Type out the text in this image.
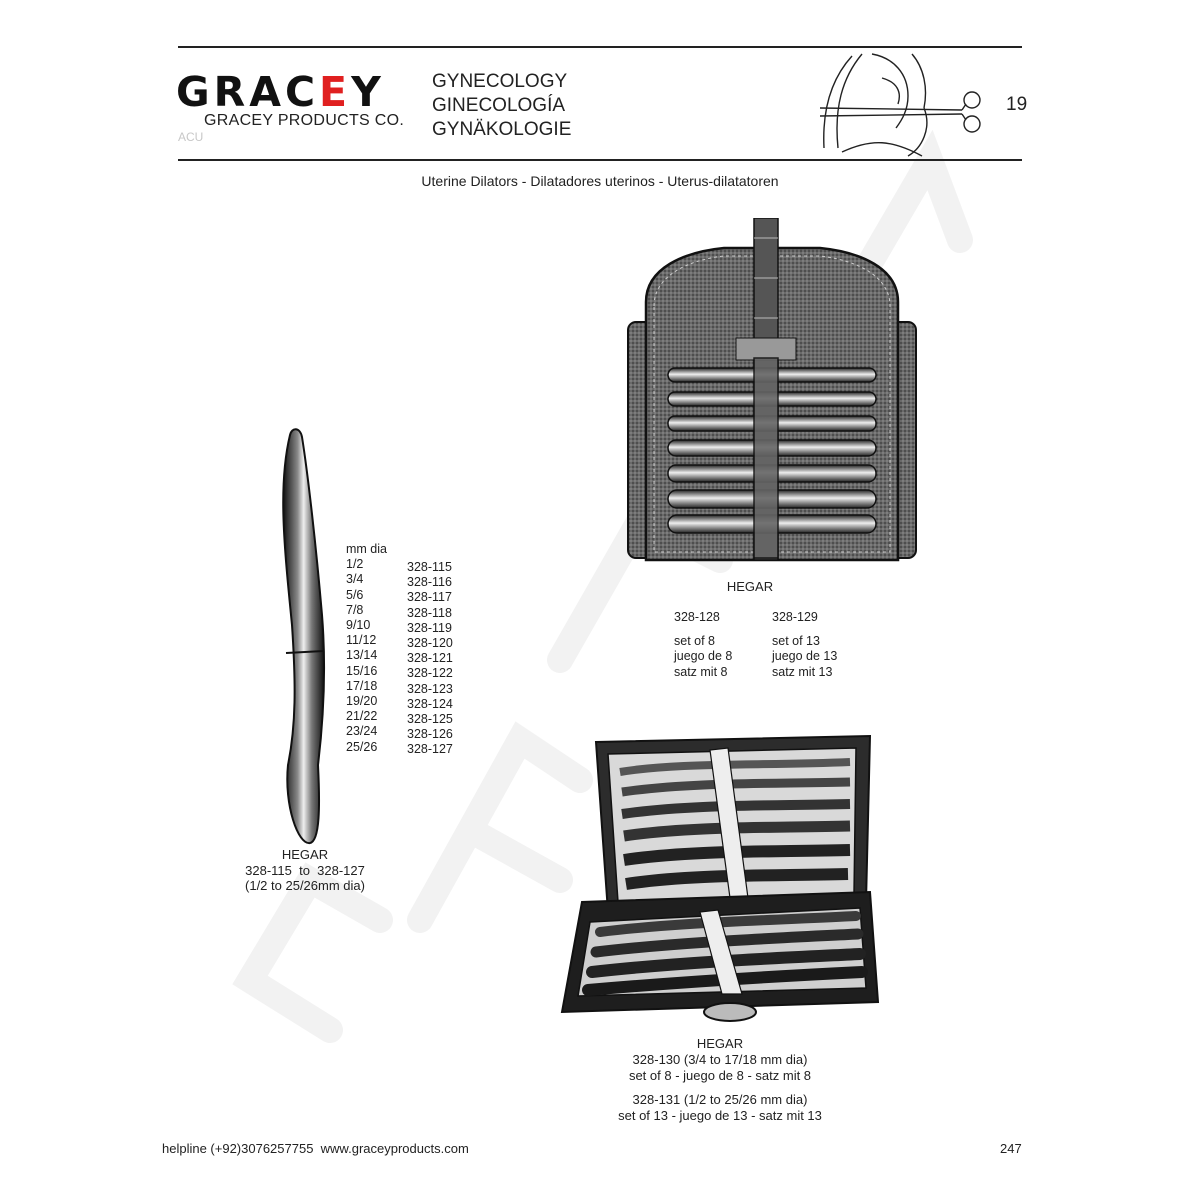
GRACEY
GRACEY PRODUCTS CO.
ACU
GYNECOLOGY
GINECOLOGÍA
GYNÄKOLOGIE
19
Uterine Dilators - Dilatadores uterinos - Uterus-dilatatoren
mm dia
1/2
3/4
5/6
7/8
9/10
11/12
13/14
15/16
17/18
19/20
21/22
23/24
25/26
328-115
328-116
328-117
328-118
328-119
328-120
328-121
328-122
328-123
328-124
328-125
328-126
328-127
HEGAR
328-115  to  328-127
(1/2 to 25/26mm dia)
HEGAR
328-128
set of 8
juego de 8
satz mit 8
328-129
set of 13
juego de 13
satz mit 13
HEGAR
328-130 (3/4 to 17/18 mm dia)
set of 8 - juego de 8 - satz mit 8
328-131 (1/2 to 25/26 mm dia)
set of 13 - juego de 13 - satz mit 13
helpline (+92)3076257755  www.graceyproducts.com	247
